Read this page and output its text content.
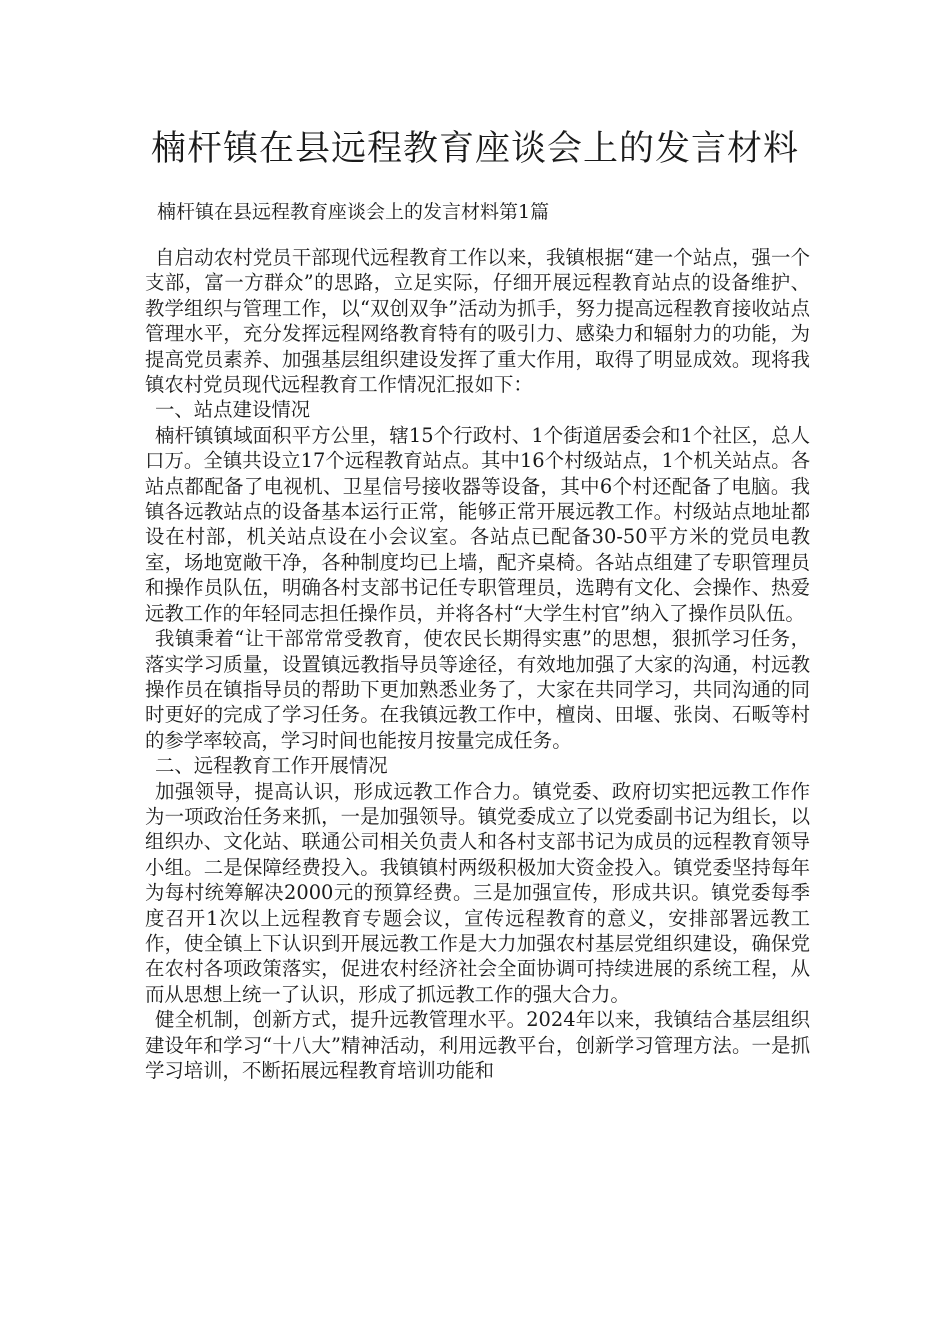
楠杆镇在县远程教育座谈会上的发言材料
楠杆镇在县远程教育座谈会上的发言材料第1篇

自启动农村党员干部现代远程教育工作以来，我镇根据“建一个站点，强一个支部，富一方群众”的思路，立足实际，仔细开展远程教育站点的设备维护、教学组织与管理工作，以“双创双争”活动为抓手，努力提高远程教育接收站点管理水平，充分发挥远程网络教育特有的吸引力、感染力和辐射力的功能，为提高党员素养、加强基层组织建设发挥了重大作用，取得了明显成效。现将我镇农村党员现代远程教育工作情况汇报如下：

一、站点建设情况

楠杆镇镇域面积平方公里，辖15个行政村、1个街道居委会和1个社区，总人口万。全镇共设立17个远程教育站点。其中16个村级站点，1个机关站点。各站点都配备了电视机、卫星信号接收器等设备，其中6个村还配备了电脑。我镇各远教站点的设备基本运行正常，能够正常开展远教工作。村级站点地址都设在村部，机关站点设在小会议室。各站点已配备30-50平方米的党员电教室，场地宽敞干净，各种制度均已上墙，配齐桌椅。各站点组建了专职管理员和操作员队伍，明确各村支部书记任专职管理员，选聘有文化、会操作、热爱远教工作的年轻同志担任操作员，并将各村“大学生村官”纳入了操作员队伍。

我镇秉着“让干部常常受教育，使农民长期得实惠”的思想，狠抓学习任务，落实学习质量，设置镇远教指导员等途径，有效地加强了大家的沟通，村远教操作员在镇指导员的帮助下更加熟悉业务了，大家在共同学习，共同沟通的同时更好的完成了学习任务。在我镇远教工作中，檀岗、田堰、张岗、石畈等村的参学率较高，学习时间也能按月按量完成任务。

二、远程教育工作开展情况

加强领导，提高认识，形成远教工作合力。镇党委、政府切实把远教工作作为一项政治任务来抓，一是加强领导。镇党委成立了以党委副书记为组长，以组织办、文化站、联通公司相关负责人和各村支部书记为成员的远程教育领导小组。二是保障经费投入。我镇镇村两级积极加大资金投入。镇党委坚持每年为每村统筹解决2000元的预算经费。三是加强宣传，形成共识。镇党委每季度召开1次以上远程教育专题会议，宣传远程教育的意义，安排部署远教工作，使全镇上下认识到开展远教工作是大力加强农村基层党组织建设，确保党在农村各项政策落实，促进农村经济社会全面协调可持续进展的系统工程，从而从思想上统一了认识，形成了抓远教工作的强大合力。

健全机制，创新方式，提升远教管理水平。2024年以来，我镇结合基层组织建设年和学习“十八大”精神活动，利用远教平台，创新学习管理方法。一是抓学习培训，不断拓展远程教育培训功能和
